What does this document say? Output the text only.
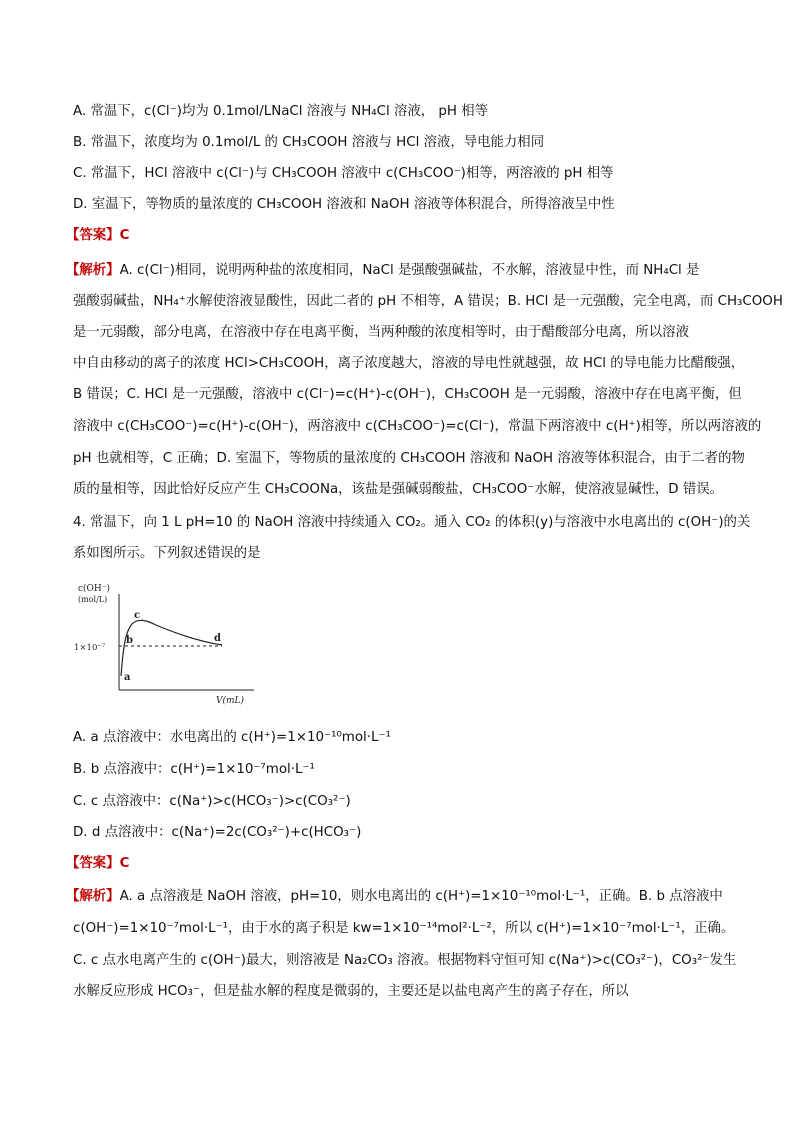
A. 常温下，c(Cl⁻)均为 0.1mol/LNaCl 溶液与 NH₄Cl 溶液， pH 相等
B. 常温下，浓度均为 0.1mol/L 的 CH₃COOH 溶液与 HCl 溶液，导电能力相同
C. 常温下，HCl 溶液中 c(Cl⁻)与 CH₃COOH 溶液中 c(CH₃COO⁻)相等，两溶液的 pH 相等
D. 室温下，等物质的量浓度的 CH₃COOH 溶液和 NaOH 溶液等体积混合，所得溶液呈中性
【答案】C
【解析】A. c(Cl⁻)相同，说明两种盐的浓度相同，NaCl 是强酸强碱盐，不水解，溶液显中性，而 NH₄Cl 是
强酸弱碱盐，NH₄⁺水解使溶液显酸性，因此二者的 pH 不相等，A 错误；B. HCl 是一元强酸，完全电离，而 CH₃COOH
是一元弱酸，部分电离，在溶液中存在电离平衡，当两种酸的浓度相等时，由于醋酸部分电离，所以溶液
中自由移动的离子的浓度 HCl>CH₃COOH，离子浓度越大，溶液的导电性就越强，故 HCl 的导电能力比醋酸强，
B 错误；C. HCl 是一元强酸，溶液中 c(Cl⁻)=c(H⁺)-c(OH⁻)，CH₃COOH 是一元弱酸，溶液中存在电离平衡，但
溶液中 c(CH₃COO⁻)=c(H⁺)-c(OH⁻)，两溶液中 c(CH₃COO⁻)=c(Cl⁻)，常温下两溶液中 c(H⁺)相等，所以两溶液的
pH 也就相等，C 正确；D. 室温下，等物质的量浓度的 CH₃COOH 溶液和 NaOH 溶液等体积混合，由于二者的物
质的量相等，因此恰好反应产生 CH₃COONa，该盐是强碱弱酸盐，CH₃COO⁻水解，使溶液显碱性，D 错误。
4. 常温下，向 1 L pH=10 的 NaOH 溶液中持续通入 CO₂。通入 CO₂ 的体积(y)与溶液中水电离出的 c(OH⁻)的关
系如图所示。下列叙述错误的是
c(OH⁻)
(mol/L)
1×10⁻⁷
a
b
c
d
V(mL)
A. a 点溶液中：水电离出的 c(H⁺)=1×10⁻¹⁰mol·L⁻¹
B. b 点溶液中：c(H⁺)=1×10⁻⁷mol·L⁻¹
C. c 点溶液中：c(Na⁺)>c(HCO₃⁻)>c(CO₃²⁻)
D. d 点溶液中：c(Na⁺)=2c(CO₃²⁻)+c(HCO₃⁻)
【答案】C
【解析】A. a 点溶液是 NaOH 溶液，pH=10，则水电离出的 c(H⁺)=1×10⁻¹⁰mol·L⁻¹，正确。B. b 点溶液中
c(OH⁻)=1×10⁻⁷mol·L⁻¹，由于水的离子积是 kw=1×10⁻¹⁴mol²·L⁻²，所以 c(H⁺)=1×10⁻⁷mol·L⁻¹，正确。
C. c 点水电离产生的 c(OH⁻)最大，则溶液是 Na₂CO₃ 溶液。根据物料守恒可知 c(Na⁺)>c(CO₃²⁻)，CO₃²⁻发生
水解反应形成 HCO₃⁻，但是盐水解的程度是微弱的，主要还是以盐电离产生的离子存在，所以
